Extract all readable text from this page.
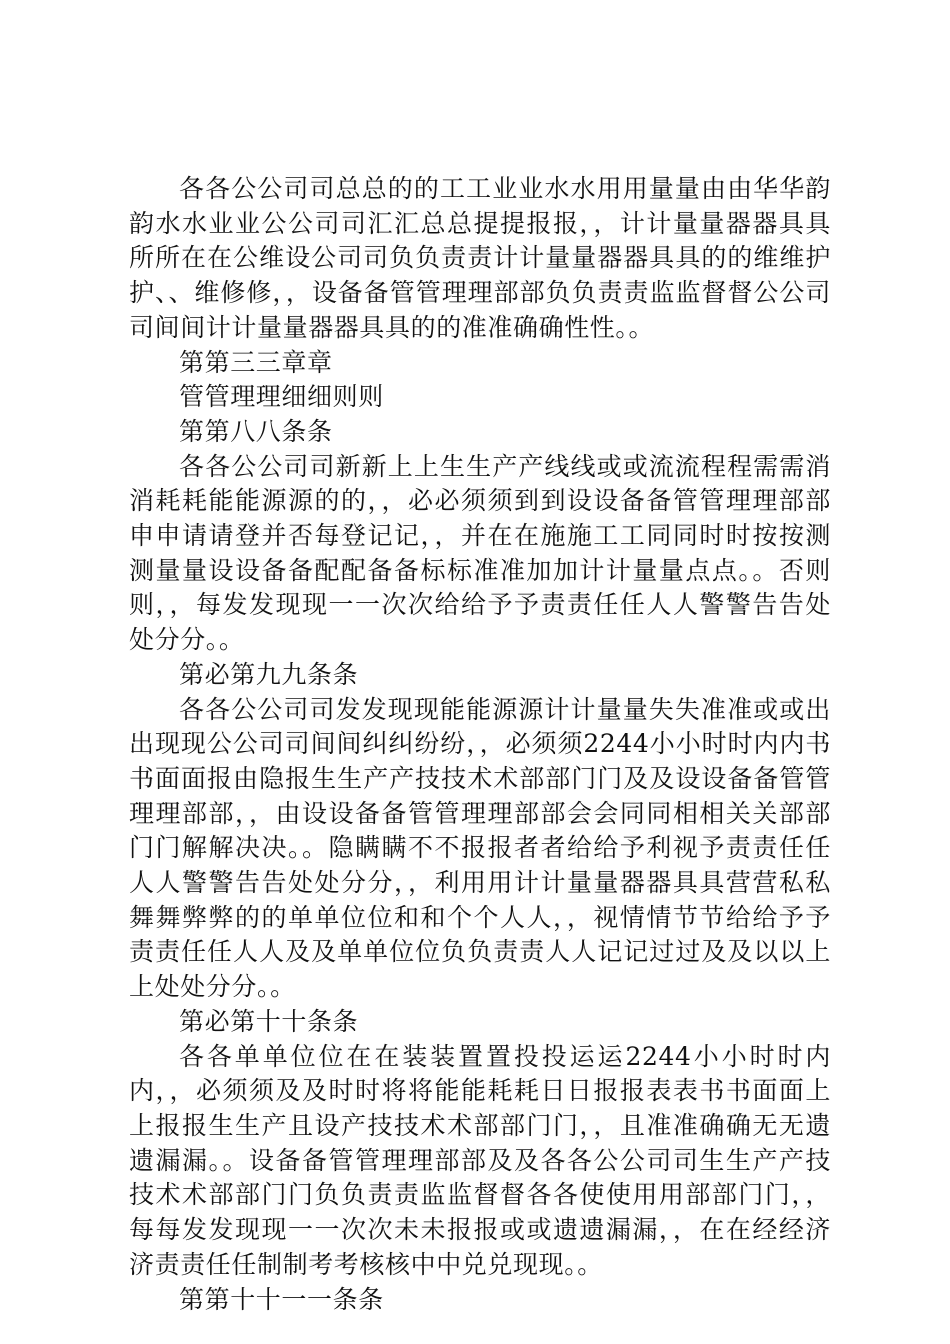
各各公公司司总总的的工工业业水水用用量量由由华华韵韵水水业业公公司司汇汇总总提提报报，，计计量量器器具具所所在在公维设公司司负负责责计计量量器器具具的的维维护护、、维修修，，设备备管管理理部部负负责责监监督督公公司司间间计计量量器器具具的的准准确确性性。。

第第三三章章

管管理理细细则则

第第八八条条

各各公公司司新新上上生生产产线线或或流流程程需需消消耗耗能能源源的的，，必必须须到到设设备备管管理理部部申申请请登并否每登记记，，并在在施施工工同同时时按按测测量量设设备备配配备备标标准准加加计计量量点点。。否则则，，每发发现现一一次次给给予予责责任任人人警警告告处处分分。。

第必第九九条条

各各公公司司发发现现能能源源计计量量失失准准或或出出现现公公司司间间纠纠纷纷，，必须须2244小小时时内内书书面面报由隐报生生产产技技术术部部门门及及设设备备管管理理部部，，由设设备备管管理理部部会会同同相相关关部部门门解解决决。。隐瞒瞒不不报报者者给给予利视予责责任任人人警警告告处处分分，，利用用计计量量器器具具营营私私舞舞弊弊的的单单位位和和个个人人，，视情情节节给给予予责责任任人人及及单单位位负负责责人人记记过过及及以以上上处处分分。。

第必第十十条条

各各单单位位在在装装置置投投运运2244小小时时内内，，必须须及及时时将将能能耗耗日日报报表表书书面面上上报报生生产且设产技技术术部部门门，，且准准确确无无遗遗漏漏。。设备备管管理理部部及及各各公公司司生生产产技技术术部部门门负负责责监监督督各各使使用用部部门门，，每每发发现现一一次次未未报报或或遗遗漏漏，，在在经经济济责责任任制制考考核核中中兑兑现现。。

第第十十一一条条
